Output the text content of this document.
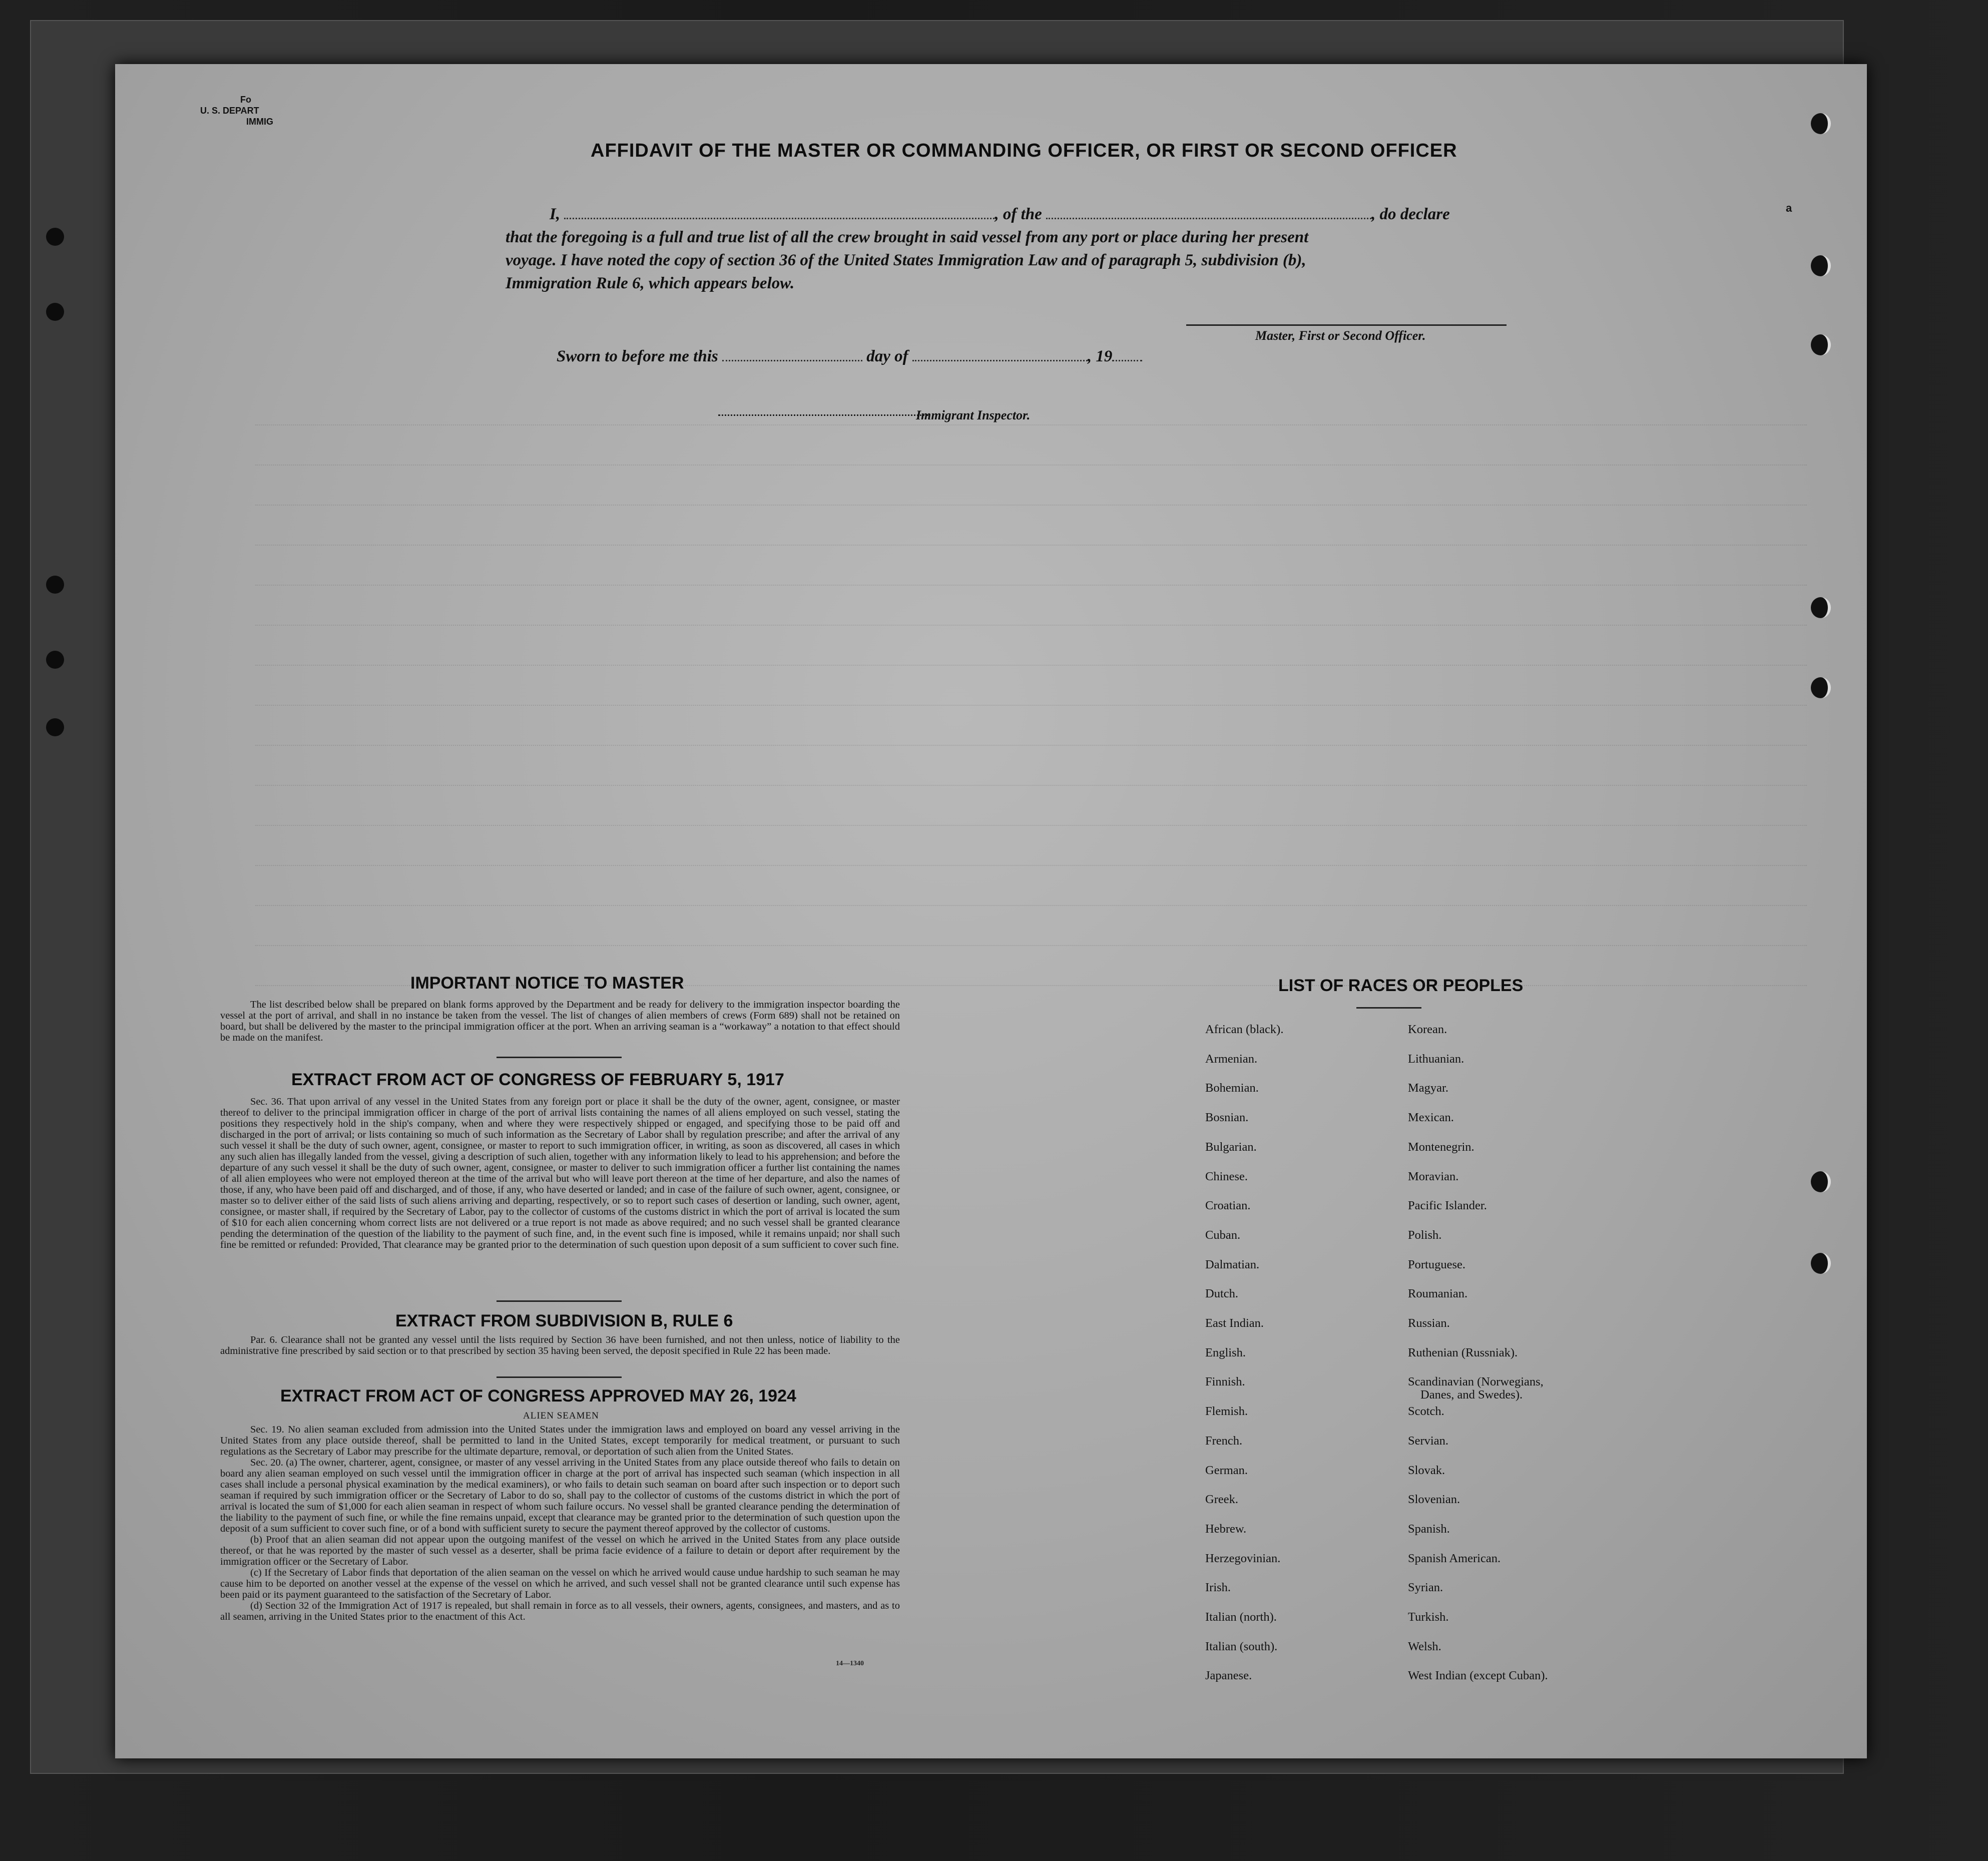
Fo
U. S. DEPART
IMMIG
a
AFFIDAVIT OF THE MASTER OR COMMANDING OFFICER, OR FIRST OR SECOND OFFICER
I,	, of the	, do declare
that the foregoing is a full and true list of all the crew brought in said vessel from any port or place during her present
voyage. I have noted the copy of section 36 of the United States Immigration Law and of paragraph 5, subdivision (b),
Immigration Rule 6, which appears below.
Master, First or Second Officer.
Sworn to before me this	day of	, 19
Immigrant Inspector.
IMPORTANT NOTICE TO MASTER
The list described below shall be prepared on blank forms approved by the Department and be ready for delivery to the immigration inspector boarding the vessel at the port of arrival, and shall in no instance be taken from the vessel. The list of changes of alien members of crews (Form 689) shall not be retained on board, but shall be delivered by the master to the principal immigration officer at the port. When an arriving seaman is a “workaway” a notation to that effect should be made on the manifest.
EXTRACT FROM ACT OF CONGRESS OF FEBRUARY 5, 1917
Sec. 36. That upon arrival of any vessel in the United States from any foreign port or place it shall be the duty of the owner, agent, consignee, or master thereof to deliver to the principal immigration officer in charge of the port of arrival lists containing the names of all aliens employed on such vessel, stating the positions they respectively hold in the ship's company, when and where they were respectively shipped or engaged, and specifying those to be paid off and discharged in the port of arrival; or lists containing so much of such information as the Secretary of Labor shall by regulation prescribe; and after the arrival of any such vessel it shall be the duty of such owner, agent, consignee, or master to report to such immigration officer, in writing, as soon as discovered, all cases in which any such alien has illegally landed from the vessel, giving a description of such alien, together with any information likely to lead to his apprehension; and before the departure of any such vessel it shall be the duty of such owner, agent, consignee, or master to deliver to such immigration officer a further list containing the names of all alien employees who were not employed thereon at the time of the arrival but who will leave port thereon at the time of her departure, and also the names of those, if any, who have been paid off and discharged, and of those, if any, who have deserted or landed; and in case of the failure of such owner, agent, consignee, or master so to deliver either of the said lists of such aliens arriving and departing, respectively, or so to report such cases of desertion or landing, such owner, agent, consignee, or master shall, if required by the Secretary of Labor, pay to the collector of customs of the customs district in which the port of arrival is located the sum of $10 for each alien concerning whom correct lists are not delivered or a true report is not made as above required; and no such vessel shall be granted clearance pending the determination of the question of the liability to the payment of such fine, and, in the event such fine is imposed, while it remains unpaid; nor shall such fine be remitted or refunded: Provided, That clearance may be granted prior to the determination of such question upon deposit of a sum sufficient to cover such fine.
EXTRACT FROM SUBDIVISION B, RULE 6
Par. 6. Clearance shall not be granted any vessel until the lists required by Section 36 have been furnished, and not then unless, notice of liability to the administrative fine prescribed by said section or to that prescribed by section 35 having been served, the deposit specified in Rule 22 has been made.
EXTRACT FROM ACT OF CONGRESS APPROVED MAY 26, 1924
ALIEN SEAMEN

Sec. 19. No alien seaman excluded from admission into the United States under the immigration laws and employed on board any vessel arriving in the United States from any place outside thereof, shall be permitted to land in the United States, except temporarily for medical treatment, or pursuant to such regulations as the Secretary of Labor may prescribe for the ultimate departure, removal, or deportation of such alien from the United States.

Sec. 20. (a) The owner, charterer, agent, consignee, or master of any vessel arriving in the United States from any place outside thereof who fails to detain on board any alien seaman employed on such vessel until the immigration officer in charge at the port of arrival has inspected such seaman (which inspection in all cases shall include a personal physical examination by the medical examiners), or who fails to detain such seaman on board after such inspection or to deport such seaman if required by such immigration officer or the Secretary of Labor to do so, shall pay to the collector of customs of the customs district in which the port of arrival is located the sum of $1,000 for each alien seaman in respect of whom such failure occurs. No vessel shall be granted clearance pending the determination of the liability to the payment of such fine, or while the fine remains unpaid, except that clearance may be granted prior to the determination of such question upon the deposit of a sum sufficient to cover such fine, or of a bond with sufficient surety to secure the payment thereof approved by the collector of customs.

(b) Proof that an alien seaman did not appear upon the outgoing manifest of the vessel on which he arrived in the United States from any place outside thereof, or that he was reported by the master of such vessel as a deserter, shall be prima facie evidence of a failure to detain or deport after requirement by the immigration officer or the Secretary of Labor.

(c) If the Secretary of Labor finds that deportation of the alien seaman on the vessel on which he arrived would cause undue hardship to such seaman he may cause him to be deported on another vessel at the expense of the vessel on which he arrived, and such vessel shall not be granted clearance until such expense has been paid or its payment guaranteed to the satisfaction of the Secretary of Labor.

(d) Section 32 of the Immigration Act of 1917 is repealed, but shall remain in force as to all vessels, their owners, agents, consignees, and masters, and as to all seamen, arriving in the United States prior to the enactment of this Act.

14—1340
LIST OF RACES OR PEOPLES
African (black).
Armenian.
Bohemian.
Bosnian.
Bulgarian.
Chinese.
Croatian.
Cuban.
Dalmatian.
Dutch.
East Indian.
English.
Finnish.
Flemish.
French.
German.
Greek.
Hebrew.
Herzegovinian.
Irish.
Italian (north).
Italian (south).
Japanese.
Korean.
Lithuanian.
Magyar.
Mexican.
Montenegrin.
Moravian.
Pacific Islander.
Polish.
Portuguese.
Roumanian.
Russian.
Ruthenian (Russniak).
Scandinavian (Norwegians,
Danes, and Swedes).
Scotch.
Servian.
Slovak.
Slovenian.
Spanish.
Spanish American.
Syrian.
Turkish.
Welsh.
West Indian (except Cuban).
